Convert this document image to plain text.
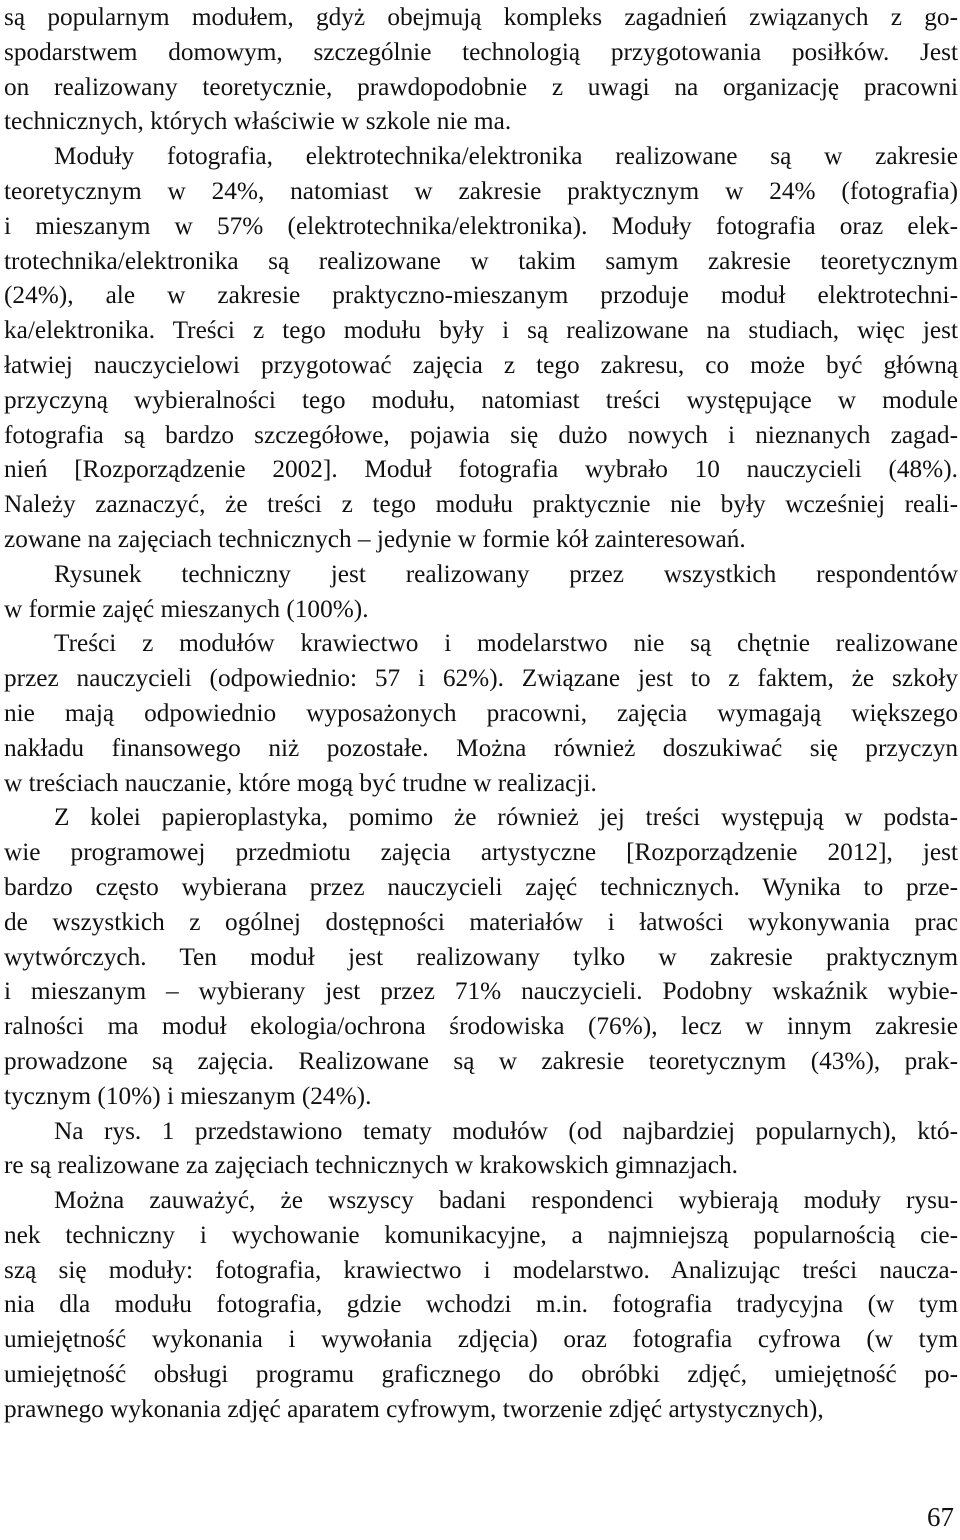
są popularnym modułem, gdyż obejmują kompleks zagadnień związanych z go-
spodarstwem domowym, szczególnie technologią przygotowania posiłków. Jest
on realizowany teoretycznie, prawdopodobnie z uwagi na organizację pracowni
technicznych, których właściwie w szkole nie ma.
Moduły fotografia, elektrotechnika/elektronika realizowane są w zakresie
teoretycznym w 24%, natomiast w zakresie praktycznym w 24% (fotografia)
i mieszanym w 57% (elektrotechnika/elektronika). Moduły fotografia oraz elek-
trotechnika/elektronika są realizowane w takim samym zakresie teoretycznym
(24%), ale w zakresie praktyczno-mieszanym przoduje moduł elektrotechni-
ka/elektronika. Treści z tego modułu były i są realizowane na studiach, więc jest
łatwiej nauczycielowi przygotować zajęcia z tego zakresu, co może być główną
przyczyną wybieralności tego modułu, natomiast treści występujące w module
fotografia są bardzo szczegółowe, pojawia się dużo nowych i nieznanych zagad-
nień [Rozporządzenie 2002]. Moduł fotografia wybrało 10 nauczycieli (48%).
Należy zaznaczyć, że treści z tego modułu praktycznie nie były wcześniej reali-
zowane na zajęciach technicznych – jedynie w formie kół zainteresowań.
Rysunek techniczny jest realizowany przez wszystkich respondentów
w formie zajęć mieszanych (100%).
Treści z modułów krawiectwo i modelarstwo nie są chętnie realizowane
przez nauczycieli (odpowiednio: 57 i 62%). Związane jest to z faktem, że szkoły
nie mają odpowiednio wyposażonych pracowni, zajęcia wymagają większego
nakładu finansowego niż pozostałe. Można również doszukiwać się przyczyn
w treściach nauczanie, które mogą być trudne w realizacji.
Z kolei papieroplastyka, pomimo że również jej treści występują w podsta-
wie programowej przedmiotu zajęcia artystyczne [Rozporządzenie 2012], jest
bardzo często wybierana przez nauczycieli zajęć technicznych. Wynika to prze-
de wszystkich z ogólnej dostępności materiałów i łatwości wykonywania prac
wytwórczych. Ten moduł jest realizowany tylko w zakresie praktycznym
i mieszanym – wybierany jest przez 71% nauczycieli. Podobny wskaźnik wybie-
ralności ma moduł ekologia/ochrona środowiska (76%), lecz w innym zakresie
prowadzone są zajęcia. Realizowane są w zakresie teoretycznym (43%), prak-
tycznym (10%) i mieszanym (24%).
Na rys. 1 przedstawiono tematy modułów (od najbardziej popularnych), któ-
re są realizowane za zajęciach technicznych w krakowskich gimnazjach.
Można zauważyć, że wszyscy badani respondenci wybierają moduły rysu-
nek techniczny i wychowanie komunikacyjne, a najmniejszą popularnością cie-
szą się moduły: fotografia, krawiectwo i modelarstwo. Analizując treści naucza-
nia dla modułu fotografia, gdzie wchodzi m.in. fotografia tradycyjna (w tym
umiejętność wykonania i wywołania zdjęcia) oraz fotografia cyfrowa (w tym
umiejętność obsługi programu graficznego do obróbki zdjęć, umiejętność po-
prawnego wykonania zdjęć aparatem cyfrowym, tworzenie zdjęć artystycznych),
67
